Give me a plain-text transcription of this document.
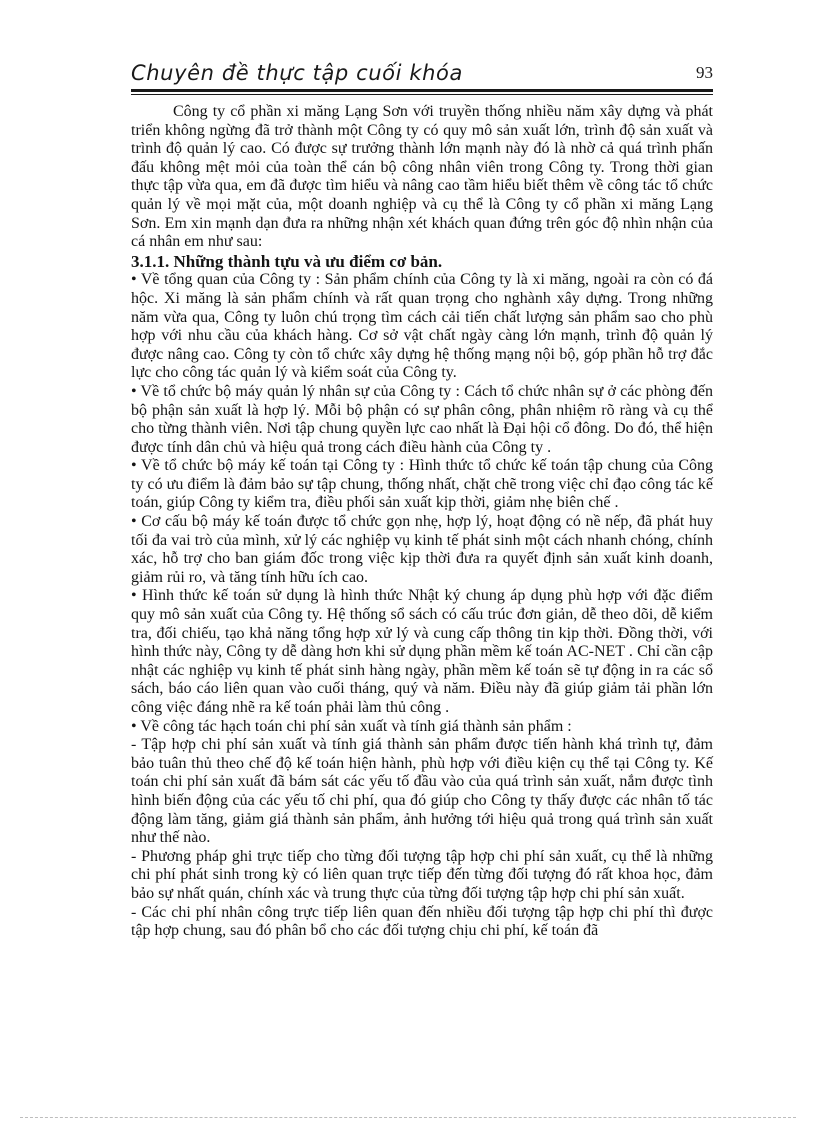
Chuyên đề thực tập cuối khóa	93

Công ty cổ phần xi măng Lạng Sơn với truyền thống nhiều năm xây dựng và phát triển không ngừng đã trở thành một Công ty có quy mô sản xuất lớn, trình độ sản xuất và trình độ quản lý cao. Có được sự trưởng thành lớn mạnh này đó là nhờ cả quá trình phấn đấu không mệt mỏi của toàn thể cán bộ công nhân viên trong Công ty. Trong thời gian thực tập vừa qua, em đã được tìm hiểu và nâng cao tầm hiểu biết thêm về công tác tổ chức quản lý về mọi mặt của, một doanh nghiệp và cụ thể là Công ty cổ phần xi măng Lạng Sơn. Em xin mạnh dạn đưa ra những nhận xét khách quan đứng trên góc độ nhìn nhận của cá nhân em như sau:

3.1.1. Những thành tựu và ưu điểm cơ bản.

• Về tổng quan của Công ty : Sản phẩm chính của Công ty là xi măng, ngoài ra còn có đá hộc. Xi măng là sản phẩm chính và rất quan trọng cho nghành xây dựng. Trong những năm vừa qua, Công ty luôn chú trọng tìm cách cải tiến chất lượng sản phẩm sao cho phù hợp với nhu cầu của khách hàng. Cơ sở vật chất ngày càng lớn mạnh, trình độ quản lý được nâng cao. Công ty còn tổ chức xây dựng hệ thống mạng nội bộ, góp phần hỗ trợ đắc lực cho công tác quản lý và kiểm soát của Công ty.

• Về tổ chức bộ máy quản lý nhân sự của Công ty : Cách tổ chức nhân sự ở các phòng đến bộ phận sản xuất là hợp lý. Mỗi bộ phận có sự phân công, phân nhiệm rõ ràng và cụ thể cho từng thành viên. Nơi tập chung quyền lực cao nhất là Đại hội cổ đông. Do đó, thể hiện được tính dân chủ và hiệu quả trong cách điều hành của Công ty .

• Về tổ chức bộ máy kế toán tại Công ty : Hình thức tổ chức kế toán tập chung của Công ty có ưu điểm là đảm bảo sự tập chung, thống nhất, chặt chẽ trong việc chỉ đạo công tác kế toán, giúp Công ty kiểm tra, điều phối sản xuất kịp thời, giảm nhẹ biên chế .

• Cơ cấu bộ máy kế toán được tổ chức gọn nhẹ, hợp lý, hoạt động có nề nếp, đã phát huy tối đa vai trò của mình, xử lý các nghiệp vụ kinh tế phát sinh một cách nhanh chóng, chính xác, hỗ trợ cho ban giám đốc trong việc kịp thời đưa ra quyết định sản xuất kinh doanh, giảm rủi ro, và tăng tính hữu ích cao.

• Hình thức kế toán sử dụng là hình thức Nhật ký chung áp dụng phù hợp với đặc điểm quy mô sản xuất của Công ty. Hệ thống sổ sách có cấu trúc đơn giản, dễ theo dõi, dễ kiểm tra, đối chiếu, tạo khả năng tổng hợp xử lý và cung cấp thông tin kịp thời. Đồng thời, với hình thức này, Công ty dễ dàng hơn khi sử dụng phần mềm kế toán AC-NET . Chỉ cần cập nhật các nghiệp vụ kinh tế phát sinh hàng ngày, phần mềm kế toán sẽ tự động in ra các sổ sách, báo cáo liên quan vào cuối tháng, quý và năm. Điều này đã giúp giảm tải phần lớn công việc đáng nhẽ ra kế toán phải làm thủ công .

• Về công tác hạch toán chi phí sản xuất và tính giá thành sản phẩm :

- Tập hợp chi phí sản xuất và tính giá thành sản phẩm được tiến hành khá trình tự, đảm bảo tuân thủ theo chế độ kế toán hiện hành, phù hợp với điều kiện cụ thể tại Công ty. Kế toán chi phí sản xuất đã bám sát các yếu tố đầu vào của quá trình sản xuất, nắm được tình hình biến động của các yếu tố chi phí, qua đó giúp cho Công ty thấy được các nhân tố tác động làm tăng, giảm giá thành sản phẩm, ảnh hưởng tới hiệu quả trong quá trình sản xuất như thế nào.

- Phương pháp ghi trực tiếp cho từng đối tượng tập hợp chi phí sản xuất, cụ thể là những chi phí phát sinh trong kỳ có liên quan trực tiếp đến từng đối tượng đó rất khoa học, đảm bảo sự nhất quán, chính xác và trung thực của từng đối tượng tập hợp chi phí sản xuất.

- Các chi phí nhân công trực tiếp liên quan đến nhiều đối tượng tập hợp chi phí thì được tập hợp chung, sau đó phân bổ cho các đối tượng chịu chi phí, kế toán đã
